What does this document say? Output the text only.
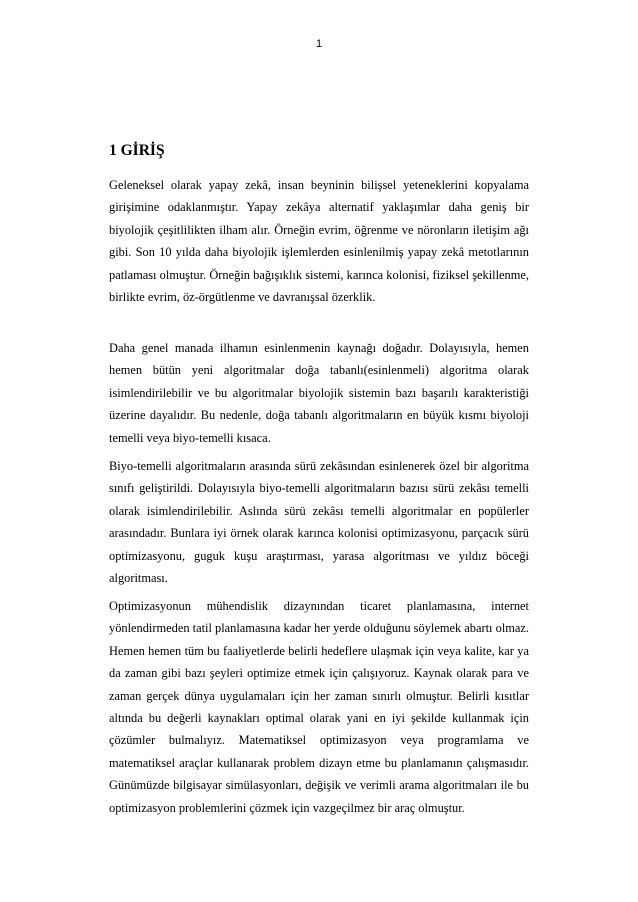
1
1 GİRİŞ

Geleneksel olarak yapay zekâ, insan beyninin bilişsel yeteneklerini kopyalama girişimine odaklanmıştır. Yapay zekâya alternatif yaklaşımlar daha geniş bir biyolojik çeşitlilikten ilham alır. Örneğin evrim, öğrenme ve nöronların iletişim ağı gibi. Son 10 yılda daha biyolojik işlemlerden esinlenilmiş yapay zekâ metotlarının patlaması olmuştur. Örneğin bağışıklık sistemi, karınca kolonisi, fiziksel şekillenme, birlikte evrim, öz-örgütlenme ve davranışsal özerklik.

Daha genel manada ilhamın esinlenmenin kaynağı doğadır. Dolayısıyla, hemen hemen bütün yeni algoritmalar doğa tabanlı(esinlenmeli) algoritma olarak isimlendirilebilir ve bu algoritmalar biyolojik sistemin bazı başarılı karakteristiği üzerine dayalıdır. Bu nedenle, doğa tabanlı algoritmaların en büyük kısmı biyoloji temelli veya biyo-temelli kısaca.

Biyo-temelli algoritmaların arasında sürü zekâsından esinlenerek özel bir algoritma sınıfı geliştirildi. Dolayısıyla biyo-temelli algoritmaların bazısı sürü zekâsı temelli olarak isimlendirilebilir. Aslında sürü zekâsı temelli algoritmalar en popülerler arasındadır. Bunlara iyi örnek olarak karınca kolonisi optimizasyonu, parçacık sürü optimizasyonu, guguk kuşu araştırması, yarasa algoritması ve yıldız böceği algoritması.

Optimizasyonun mühendislik dizaynından ticaret planlamasına, internet yönlendirmeden tatil planlamasına kadar her yerde olduğunu söylemek abartı olmaz. Hemen hemen tüm bu faaliyetlerde belirli hedeflere ulaşmak için veya kalite, kar ya da zaman gibi bazı şeyleri optimize etmek için çalışıyoruz. Kaynak olarak para ve zaman gerçek dünya uygulamaları için her zaman sınırlı olmuştur. Belirli kısıtlar altında bu değerli kaynakları optimal olarak yani en iyi şekilde kullanmak için çözümler bulmalıyız. Matematiksel optimizasyon veya programlama ve matematiksel araçlar kullanarak problem dizayn etme bu planlamanın çalışmasıdır. Günümüzde bilgisayar simülasyonları, değişik ve verimli arama algoritmaları ile bu optimizasyon problemlerini çözmek için vazgeçilmez bir araç olmuştur.
